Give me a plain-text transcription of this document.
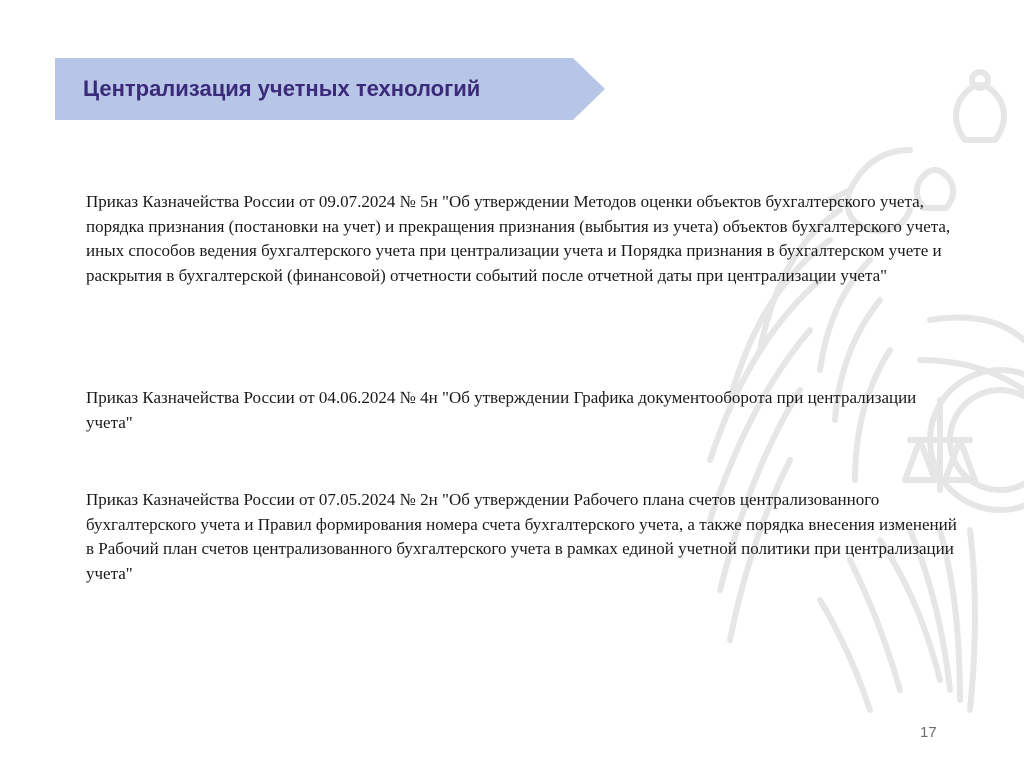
Централизация учетных технологий

Приказ Казначейства России от 09.07.2024 № 5н "Об утверждении Методов оценки объектов бухгалтерского учета, порядка признания (постановки на учет) и прекращения признания (выбытия из учета) объектов бухгалтерского учета, иных способов ведения бухгалтерского учета при централизации учета и Порядка признания в бухгалтерском учете и раскрытия в бухгалтерской (финансовой) отчетности событий после отчетной даты при централизации учета"

Приказ Казначейства России от 04.06.2024 № 4н "Об утверждении Графика документооборота при централизации учета"

Приказ Казначейства России от 07.05.2024 № 2н "Об утверждении Рабочего плана счетов централизованного бухгалтерского учета и Правил формирования номера счета бухгалтерского учета, а также порядка внесения изменений в Рабочий план счетов централизованного бухгалтерского учета в рамках единой учетной политики при централизации учета"

17
